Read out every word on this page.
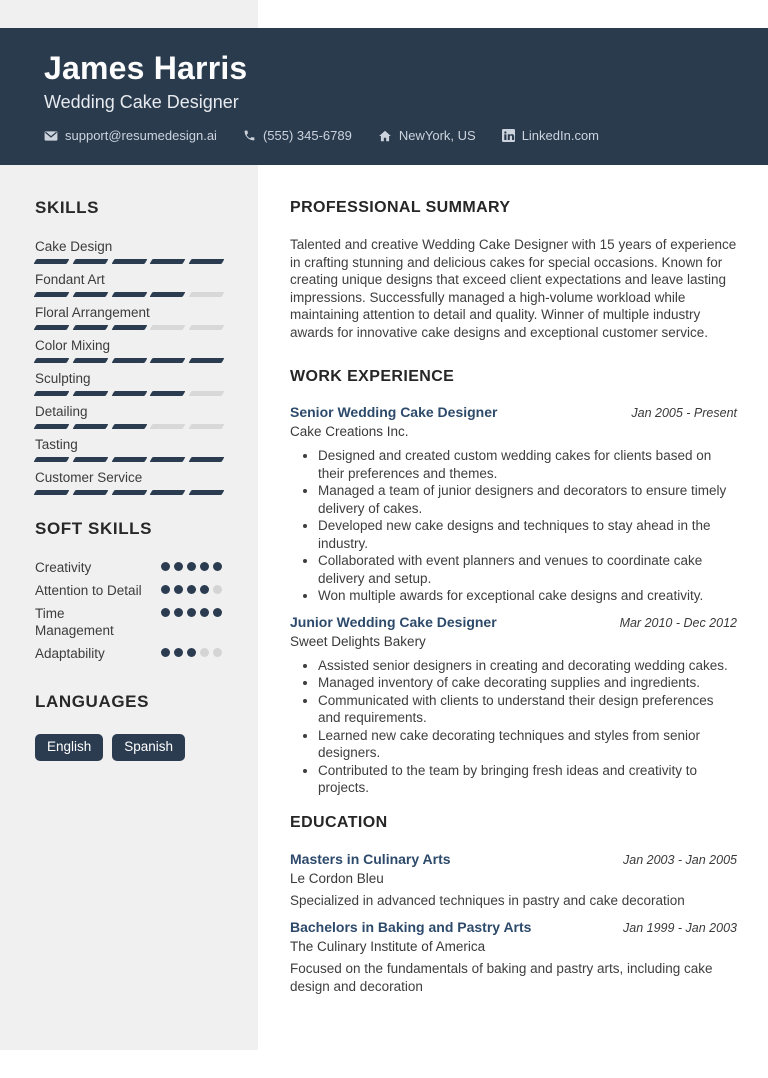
James Harris
Wedding Cake Designer
support@resumedesign.ai	(555) 345-6789	NewYork, US	LinkedIn.com
SKILLS
Cake Design
Fondant Art
Floral Arrangement
Color Mixing
Sculpting
Detailing
Tasting
Customer Service
SOFT SKILLS
Creativity
Attention to Detail
Time Management
Adaptability
LANGUAGES
English	Spanish
PROFESSIONAL SUMMARY

Talented and creative Wedding Cake Designer with 15 years of experience in crafting stunning and delicious cakes for special occasions. Known for creating unique designs that exceed client expectations and leave lasting impressions. Successfully managed a high-volume workload while maintaining attention to detail and quality. Winner of multiple industry awards for innovative cake designs and exceptional customer service.

WORK EXPERIENCE
Senior Wedding Cake Designer	Jan 2005 - Present
Cake Creations Inc.
• Designed and created custom wedding cakes for clients based on their preferences and themes.
• Managed a team of junior designers and decorators to ensure timely delivery of cakes.
• Developed new cake designs and techniques to stay ahead in the industry.
• Collaborated with event planners and venues to coordinate cake delivery and setup.
• Won multiple awards for exceptional cake designs and creativity.
Junior Wedding Cake Designer	Mar 2010 - Dec 2012
Sweet Delights Bakery
• Assisted senior designers in creating and decorating wedding cakes.
• Managed inventory of cake decorating supplies and ingredients.
• Communicated with clients to understand their design preferences and requirements.
• Learned new cake decorating techniques and styles from senior designers.
• Contributed to the team by bringing fresh ideas and creativity to projects.
EDUCATION
Masters in Culinary Arts	Jan 2003 - Jan 2005
Le Cordon Bleu
Specialized in advanced techniques in pastry and cake decoration
Bachelors in Baking and Pastry Arts	Jan 1999 - Jan 2003
The Culinary Institute of America
Focused on the fundamentals of baking and pastry arts, including cake design and decoration
